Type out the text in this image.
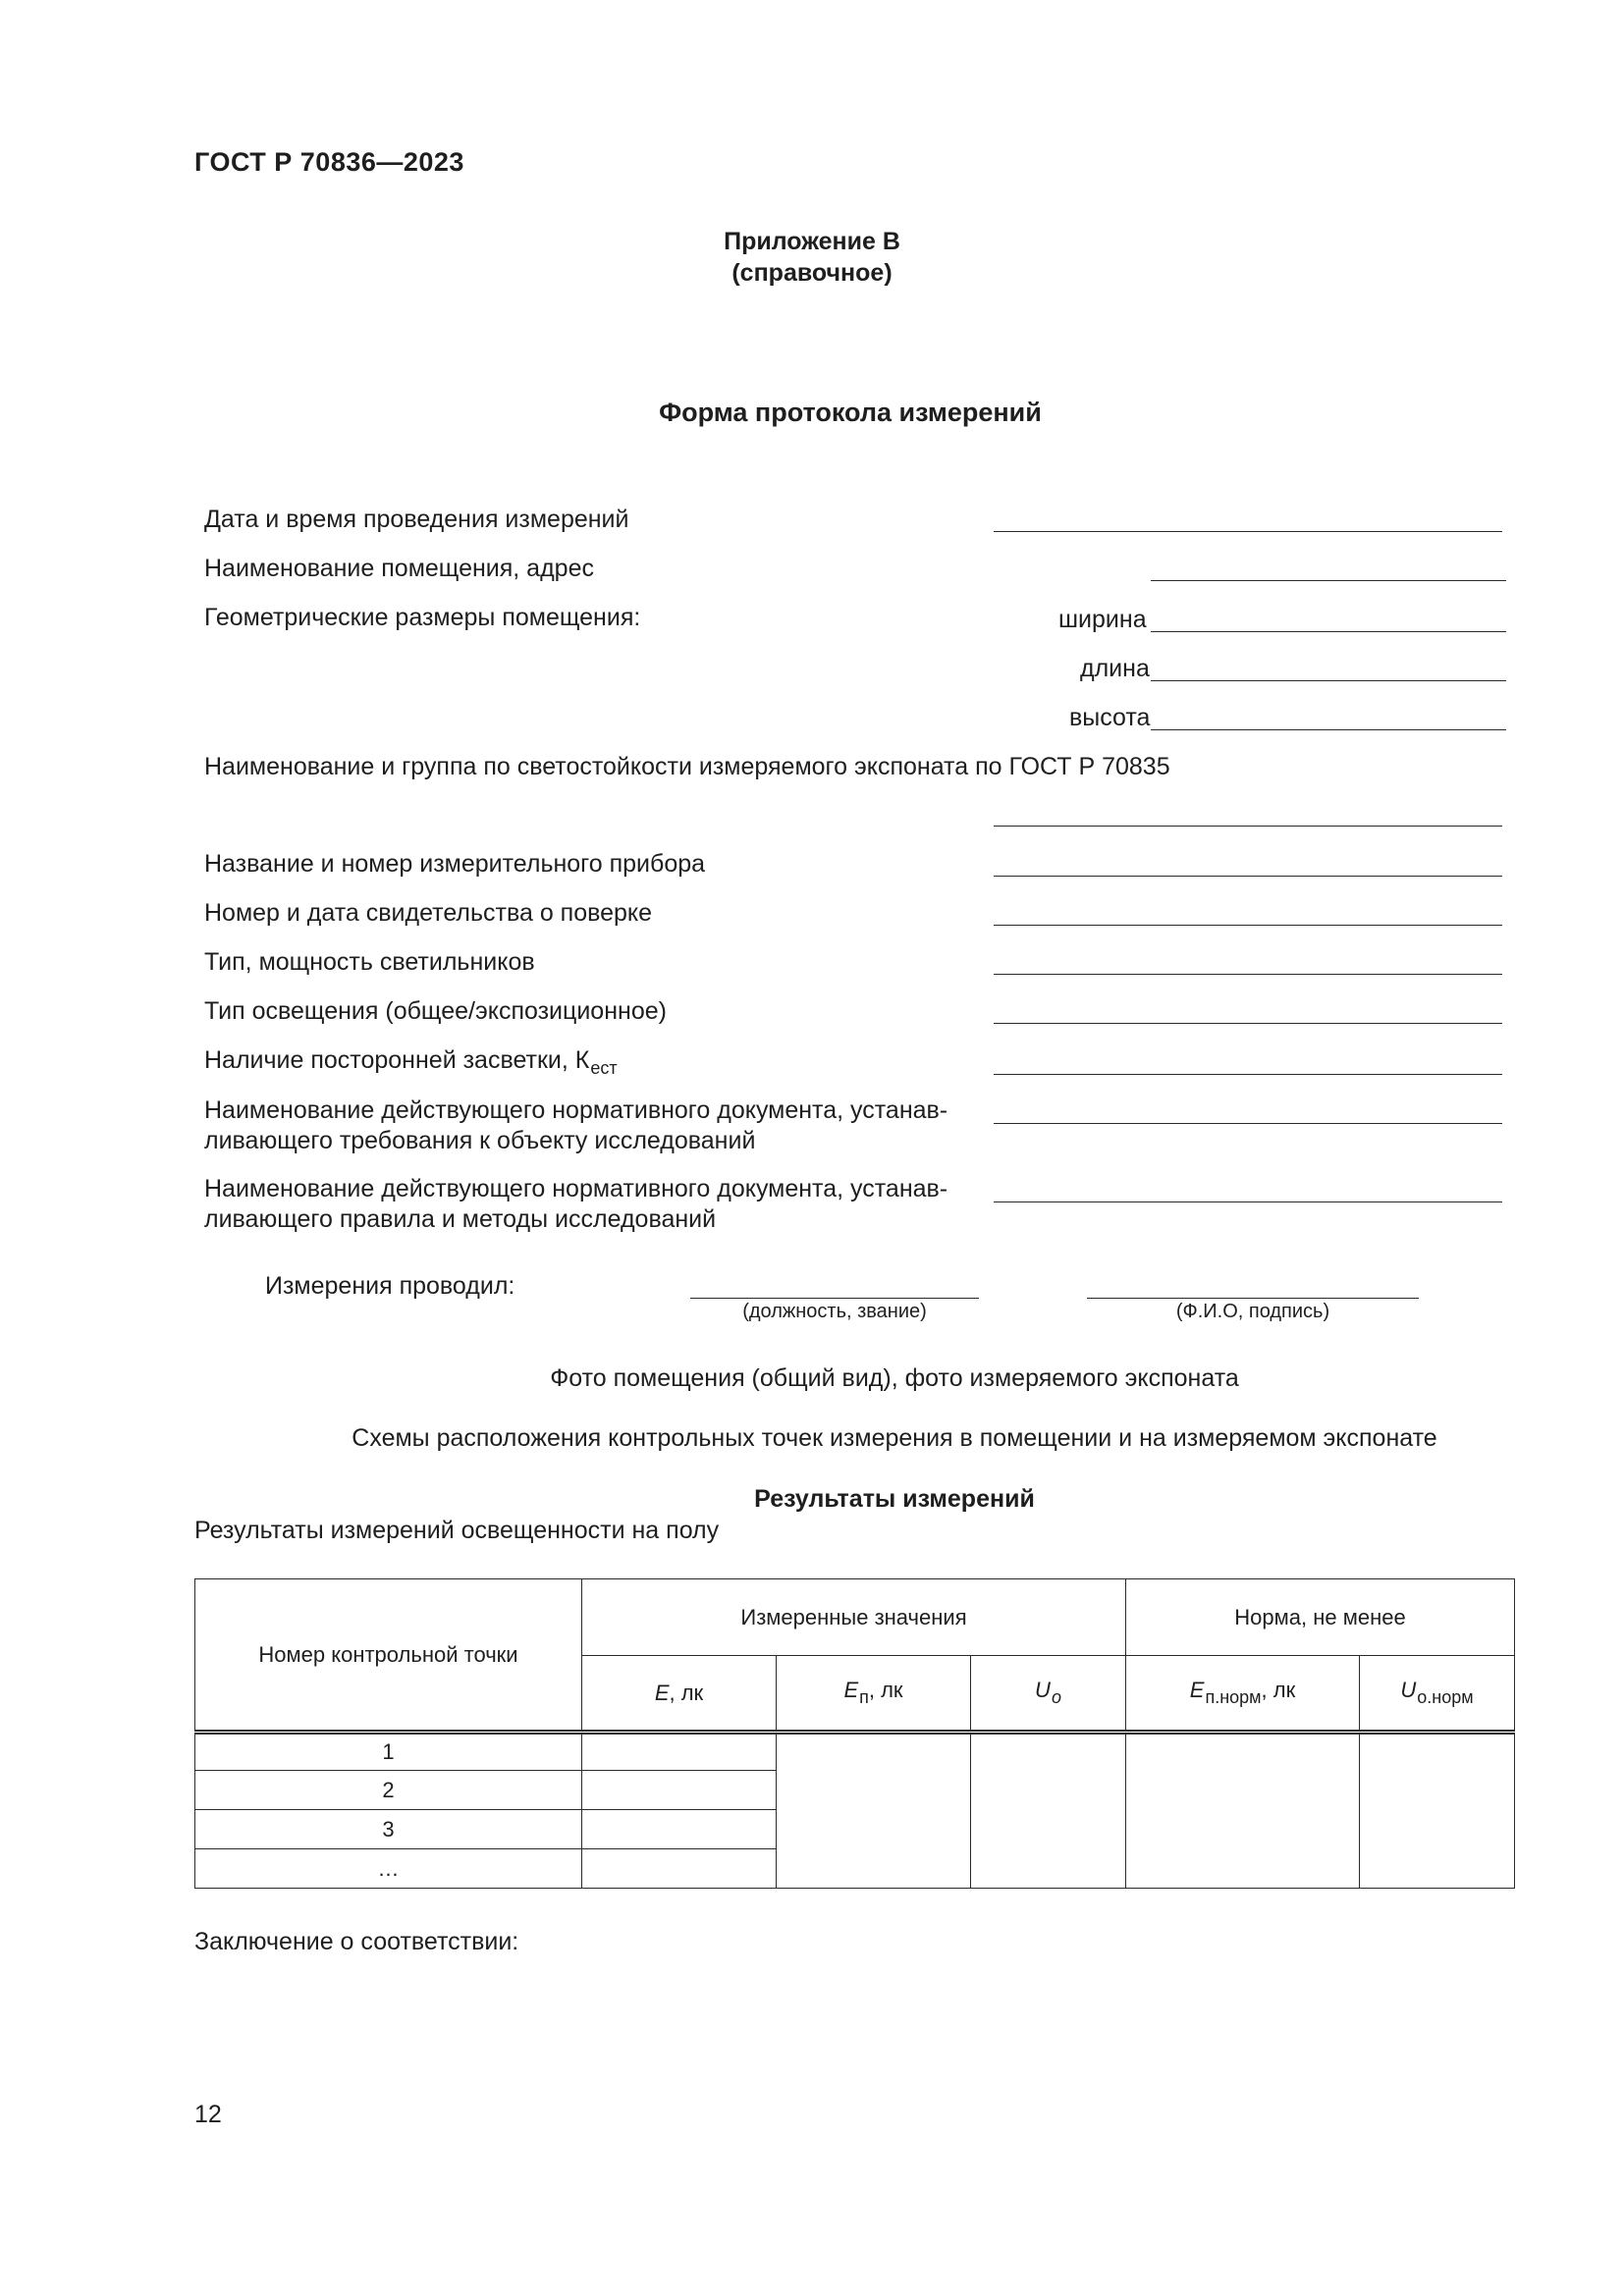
ГОСТ Р 70836—2023
Приложение В
(справочное)
Форма протокола измерений
Дата и время проведения измерений
Наименование помещения, адрес
Геометрические размеры помещения:	ширина
длина
высота
Наименование и группа по светостойкости измеряемого экспоната по ГОСТ Р 70835
Название и номер измерительного прибора
Номер и дата свидетельства о поверке
Тип, мощность светильников
Тип освещения (общее/экспозиционное)
Наличие посторонней засветки, $К_{ест}$
Наименование действующего нормативного документа, устанав-
ливающего требования к объекту исследований
Наименование действующего нормативного документа, устанав-
ливающего правила и методы исследований
Измерения проводил:
(должность, звание)	(Ф.И.О, подпись)
Фото помещения (общий вид), фото измеряемого экспоната
Схемы расположения контрольных точек измерения в помещении и на измеряемом экспонате
Результаты измерений
Результаты измерений освещенности на полу
Номер контрольной точки	Измеренные значения			Норма, не менее	
	E, лк	$E_п$, лк	$U_о$	$E_{п.норм}$, лк	$U_{о.норм}$
1					
2					
3					
…					
Заключение о соответствии:
12
